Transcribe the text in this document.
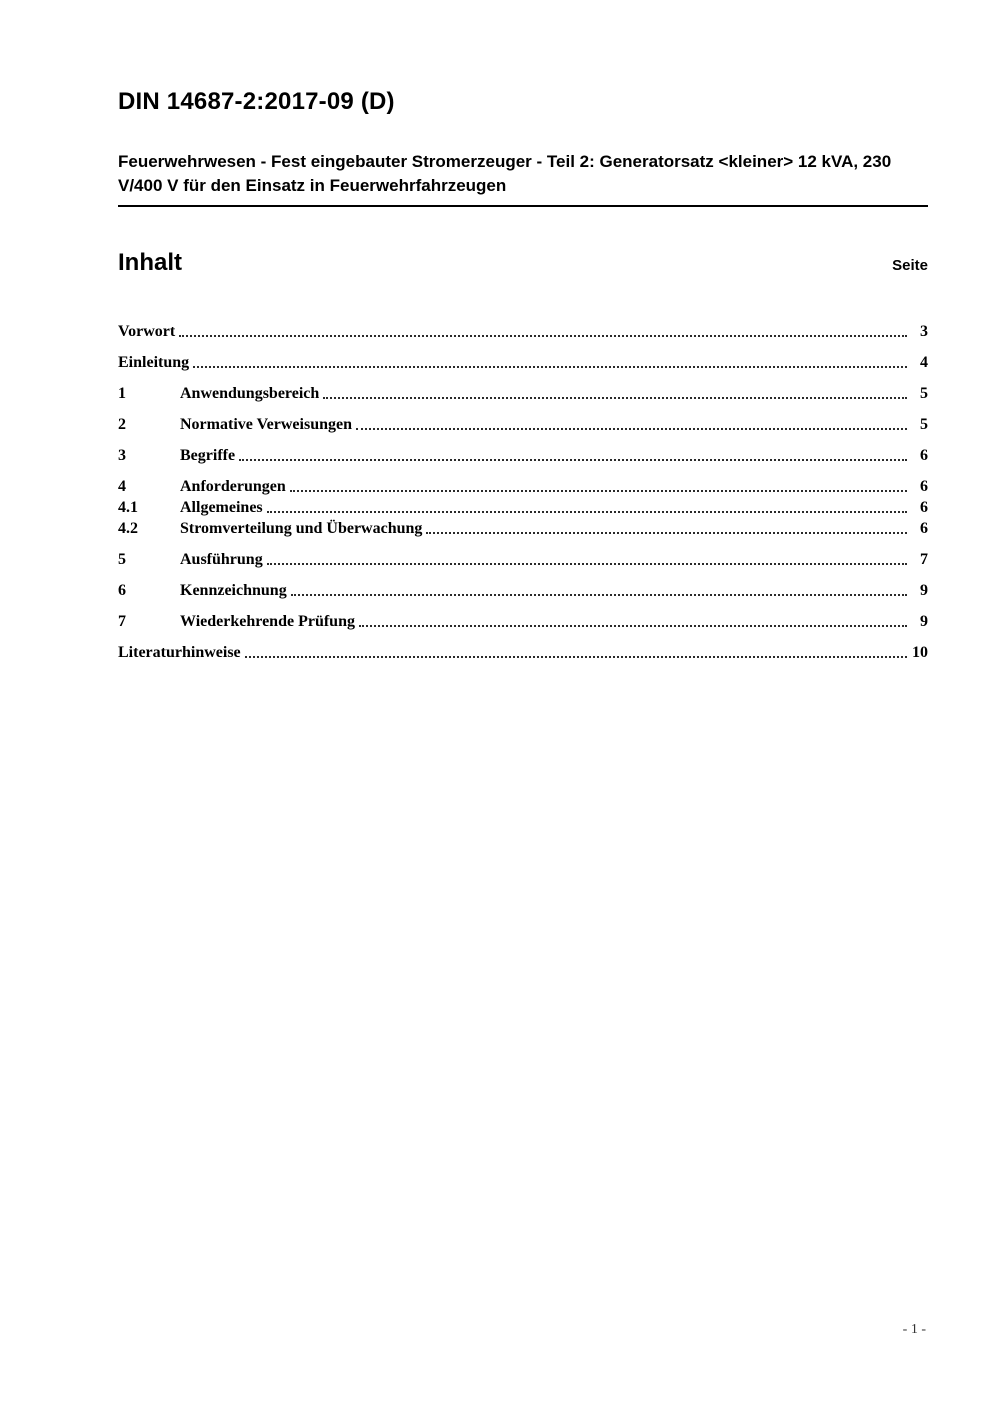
DIN 14687-2:2017-09 (D)
Feuerwehrwesen - Fest eingebauter Stromerzeuger - Teil 2: Generatorsatz <kleiner> 12 kVA, 230 V/400 V für den Einsatz in Feuerwehrfahrzeugen
Inhalt	Seite
Vorwort	3
Einleitung	4
1	Anwendungsbereich	5
2	Normative Verweisungen	5
3	Begriffe	6
4	Anforderungen	6
4.1	Allgemeines	6
4.2	Stromverteilung und Überwachung	6
5	Ausführung	7
6	Kennzeichnung	9
7	Wiederkehrende Prüfung	9
Literaturhinweise	10
- 1 -
